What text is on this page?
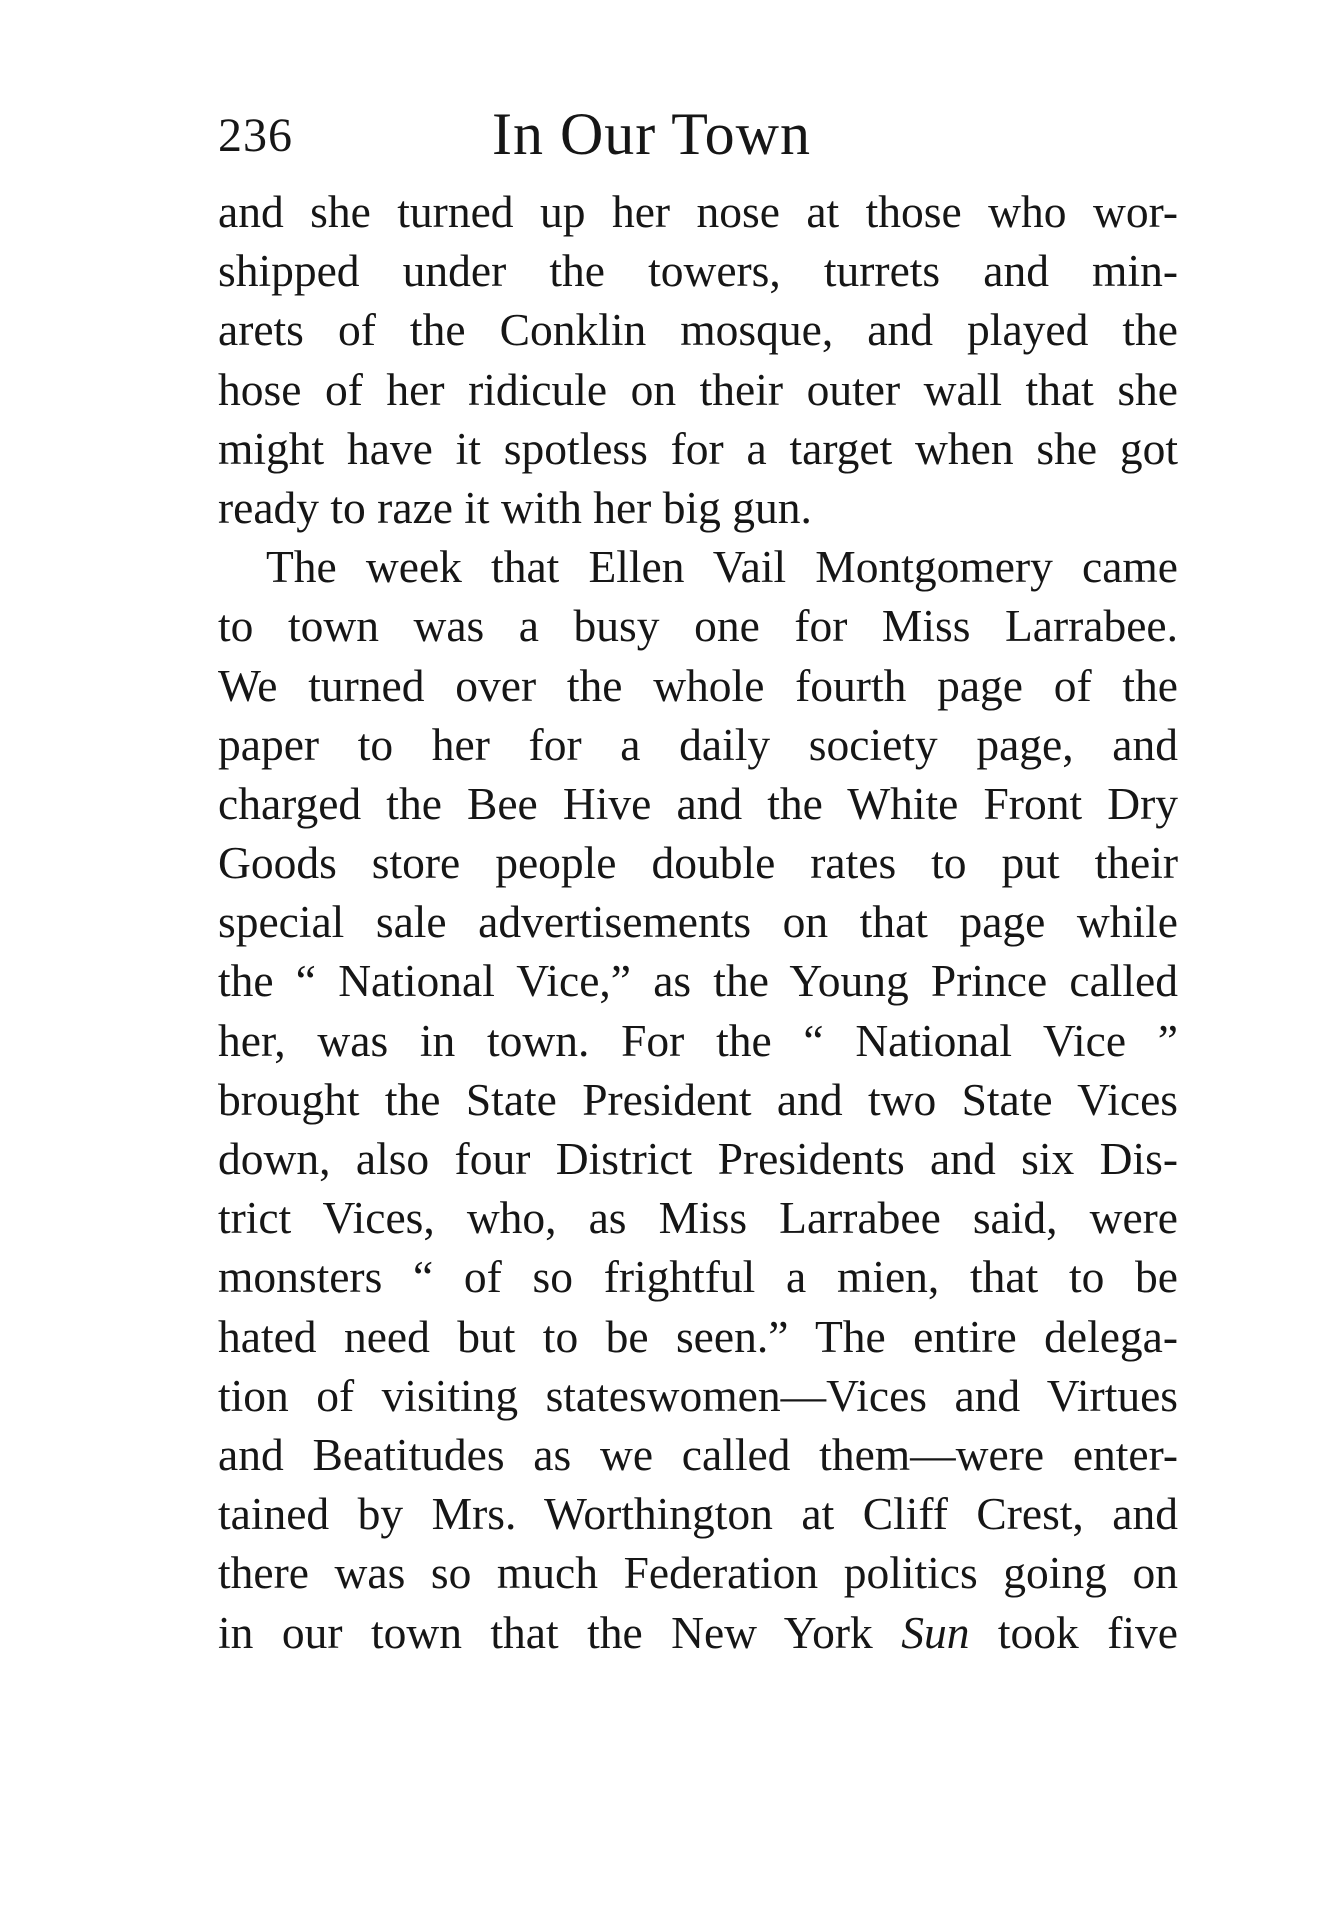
236	In Our Town
and she turned up her nose at those who wor-
shipped under the towers, turrets and min-
arets of the Conklin mosque, and played the
hose of her ridicule on their outer wall that she
might have it spotless for a target when she got
ready to raze it with her big gun.
The week that Ellen Vail Montgomery came
to town was a busy one for Miss Larrabee.
We turned over the whole fourth page of the
paper to her for a daily society page, and
charged the Bee Hive and the White Front Dry
Goods store people double rates to put their
special sale advertisements on that page while
the “ National Vice,” as the Young Prince called
her, was in town. For the “ National Vice ”
brought the State President and two State Vices
down, also four District Presidents and six Dis-
trict Vices, who, as Miss Larrabee said, were
monsters “ of so frightful a mien, that to be
hated need but to be seen.” The entire delega-
tion of visiting stateswomen—Vices and Virtues
and Beatitudes as we called them—were enter-
tained by Mrs. Worthington at Cliff Crest, and
there was so much Federation politics going on
in our town that the New York Sun took five
